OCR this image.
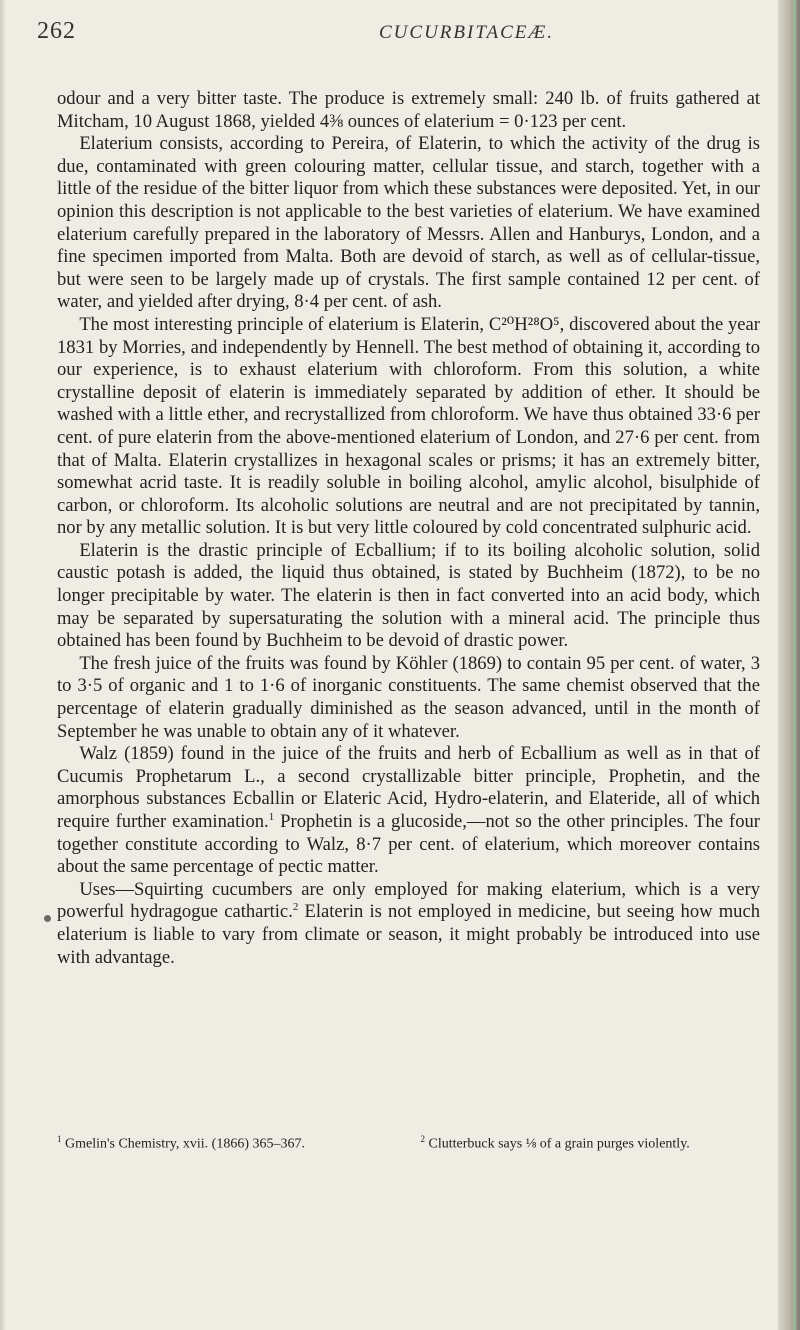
262	CUCURBITACEÆ.

odour and a very bitter taste. The produce is extremely small: 240 lb. of fruits gathered at Mitcham, 10 August 1868, yielded 4⅜ ounces of elaterium = 0·123 per cent.

Elaterium consists, according to Pereira, of Elaterin, to which the activity of the drug is due, contaminated with green colouring matter, cellular tissue, and starch, together with a little of the residue of the bitter liquor from which these substances were deposited. Yet, in our opinion this description is not applicable to the best varieties of elaterium. We have examined elaterium carefully prepared in the laboratory of Messrs. Allen and Hanburys, London, and a fine specimen imported from Malta. Both are devoid of starch, as well as of cellular-tissue, but were seen to be largely made up of crystals. The first sample contained 12 per cent. of water, and yielded after drying, 8·4 per cent. of ash.

The most interesting principle of elaterium is Elaterin, C²⁰H²⁸O⁵, discovered about the year 1831 by Morries, and independently by Hennell. The best method of obtaining it, according to our experience, is to exhaust elaterium with chloroform. From this solution, a white crystalline deposit of elaterin is immediately separated by addition of ether. It should be washed with a little ether, and recrystallized from chloroform. We have thus obtained 33·6 per cent. of pure elaterin from the above-mentioned elaterium of London, and 27·6 per cent. from that of Malta. Elaterin crystallizes in hexagonal scales or prisms; it has an extremely bitter, somewhat acrid taste. It is readily soluble in boiling alcohol, amylic alcohol, bisulphide of carbon, or chloroform. Its alcoholic solutions are neutral and are not precipitated by tannin, nor by any metallic solution. It is but very little coloured by cold concentrated sulphuric acid.

Elaterin is the drastic principle of Ecballium; if to its boiling alcoholic solution, solid caustic potash is added, the liquid thus obtained, is stated by Buchheim (1872), to be no longer precipitable by water. The elaterin is then in fact converted into an acid body, which may be separated by supersaturating the solution with a mineral acid. The principle thus obtained has been found by Buchheim to be devoid of drastic power.

The fresh juice of the fruits was found by Köhler (1869) to contain 95 per cent. of water, 3 to 3·5 of organic and 1 to 1·6 of inorganic constituents. The same chemist observed that the percentage of elaterin gradually diminished as the season advanced, until in the month of September he was unable to obtain any of it whatever.

Walz (1859) found in the juice of the fruits and herb of Ecballium as well as in that of Cucumis Prophetarum L., a second crystallizable bitter principle, Prophetin, and the amorphous substances Ecballin or Elateric Acid, Hydro-elaterin, and Elateride, all of which require further examination.$^1$ Prophetin is a glucoside,—not so the other principles. The four together constitute according to Walz, 8·7 per cent. of elaterium, which moreover contains about the same percentage of pectic matter.

Uses—Squirting cucumbers are only employed for making elaterium, which is a very powerful hydragogue cathartic.$^2$ Elaterin is not employed in medicine, but seeing how much elaterium is liable to vary from climate or season, it might probably be introduced into use with advantage.

$^1$ Gmelin's Chemistry, xvii. (1866) 365–367.	$^2$ Clutterbuck says ⅛ of a grain purges violently.
